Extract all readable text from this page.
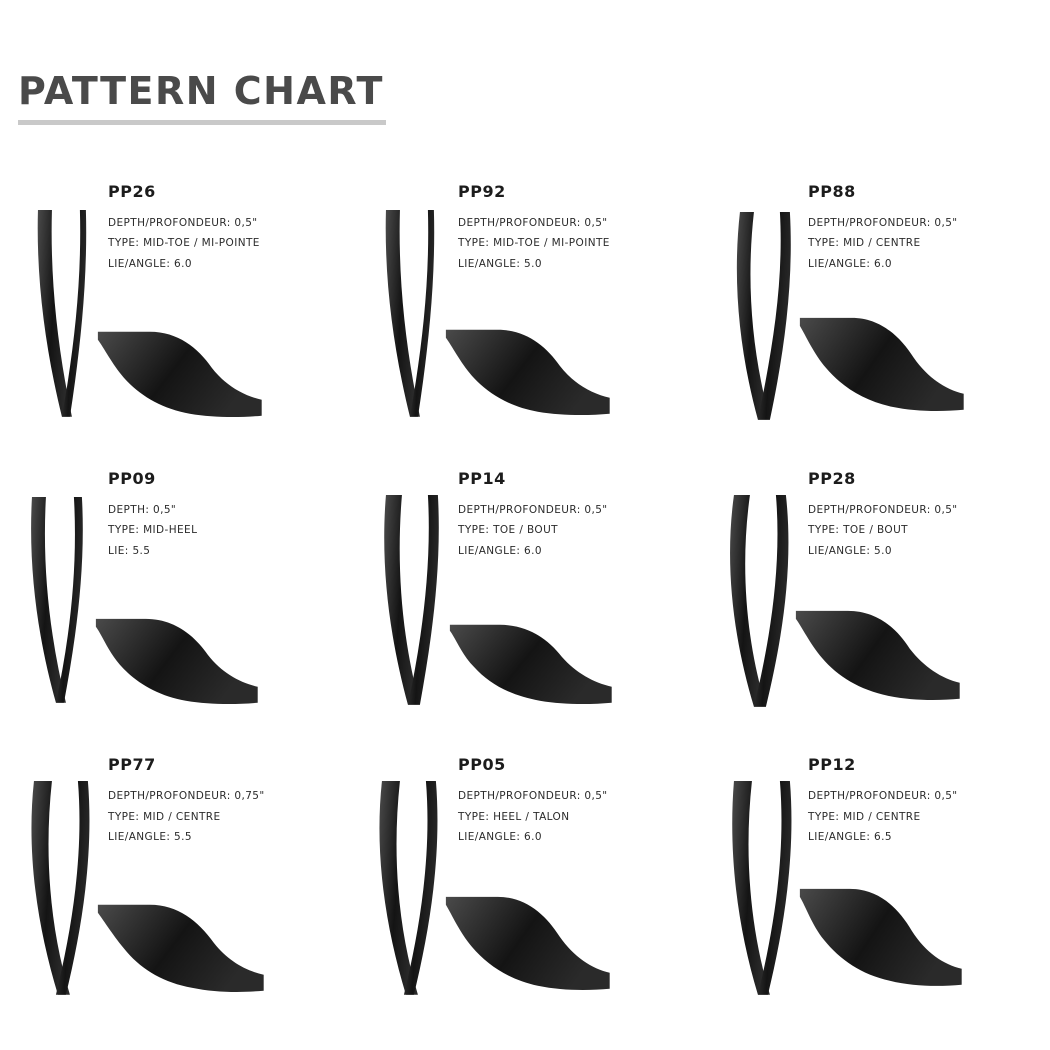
PATTERN CHART
PP26
DEPTH/PROFONDEUR: 0,5"
TYPE: MID-TOE / MI-POINTE
LIE/ANGLE: 6.0
PP92
DEPTH/PROFONDEUR: 0,5"
TYPE: MID-TOE / MI-POINTE
LIE/ANGLE: 5.0
PP88
DEPTH/PROFONDEUR: 0,5"
TYPE: MID / CENTRE
LIE/ANGLE: 6.0
PP09
DEPTH: 0,5"
TYPE: MID-HEEL
LIE: 5.5
PP14
DEPTH/PROFONDEUR: 0,5"
TYPE: TOE / BOUT
LIE/ANGLE: 6.0
PP28
DEPTH/PROFONDEUR: 0,5"
TYPE: TOE / BOUT
LIE/ANGLE: 5.0
PP77
DEPTH/PROFONDEUR: 0,75"
TYPE: MID / CENTRE
LIE/ANGLE: 5.5
PP05
DEPTH/PROFONDEUR: 0,5"
TYPE: HEEL / TALON
LIE/ANGLE: 6.0
PP12
DEPTH/PROFONDEUR: 0,5"
TYPE: MID / CENTRE
LIE/ANGLE: 6.5
